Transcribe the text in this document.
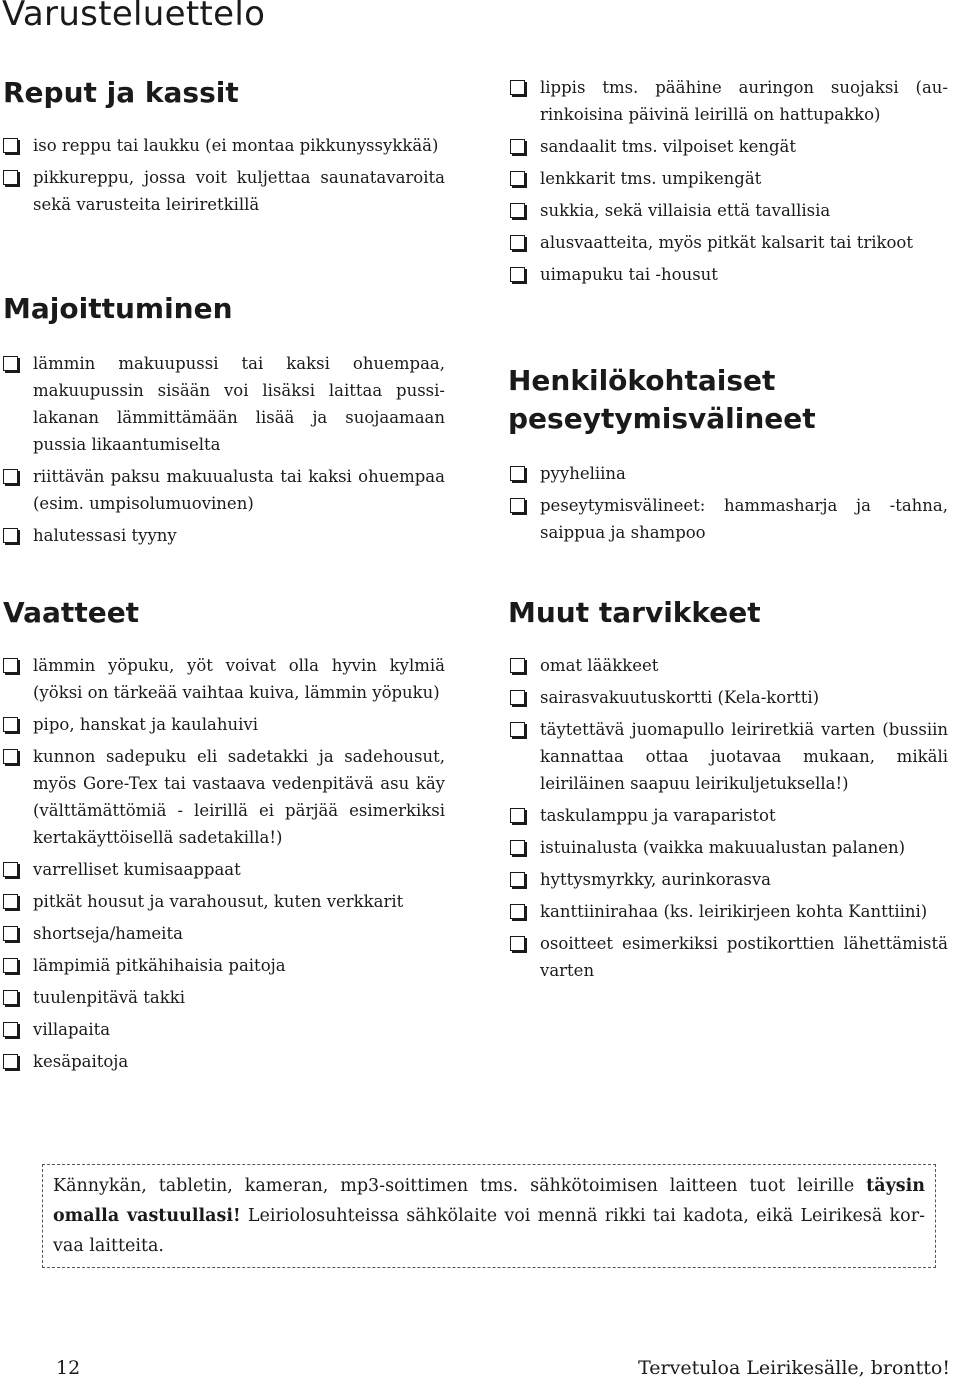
Varusteluettelo
Reput ja kassit
iso reppu tai laukku (ei montaa pikkunyssykkää)
pikkureppu, jossa voit kuljettaa saunatavaroita sekä varusteita leiriretkillä
Majoittuminen
lämmin makuupussi tai kaksi ohuempaa, makuupussin sisään voi lisäksi laittaa pussilakanan lämmittämään lisää ja suojaamaan pussia likaantumiselta
riittävän paksu makuualusta tai kaksi ohuempaa (esim. umpisolumuovinen)
halutessasi tyyny
Vaatteet
lämmin yöpuku, yöt voivat olla hyvin kylmiä (yöksi on tärkeää vaihtaa kuiva, lämmin yöpuku)
pipo, hanskat ja kaulahuivi
kunnon sadepuku eli sadetakki ja sadehousut, myös Gore-Tex tai vastaava vedenpitävä asu käy (välttämättömiä - leirillä ei pärjää esimerkiksi kertakäyttöisellä sadetakilla!)
varrelliset kumisaappaat
pitkät housut ja varahousut, kuten verkkarit
shortseja/hameita
lämpimiä pitkähihaisia paitoja
tuulenpitävä takki
villapaita
kesäpaitoja
lippis tms. päähine auringon suojaksi (aurinkoisina päivinä leirillä on hattupakko)
sandaalit tms. vilpoiset kengät
lenkkarit tms. umpikengät
sukkia, sekä villaisia että tavallisia
alusvaatteita, myös pitkät kalsarit tai trikoot
uimapuku tai -housut
Henkilökohtaiset peseytymisvälineet
pyyheliina
peseytymisvälineet: hammasharja ja -tahna, saippua ja shampoo
Muut tarvikkeet
omat lääkkeet
sairasvakuutuskortti (Kela-kortti)
täytettävä juomapullo leiriretkiä varten (bussiin kannattaa ottaa juotavaa mukaan, mikäli leiriläinen saapuu leirikuljetuksella!)
taskulamppu ja varaparistot
istuinalusta (vaikka makuualustan palanen)
hyttysmyrkky, aurinkorasva
kanttiinirahaa (ks. leirikirjeen kohta Kanttiini)
osoitteet esimerkiksi postikorttien lähettämistä varten
Kännykän, tabletin, kameran, mp3-soittimen tms. sähkötoimisen laitteen tuot leirille täysin omalla vastuullasi! Leiriolosuhteissa sähkölaite voi mennä rikki tai kadota, eikä Leirikesä korvaa laitteita.
12	Tervetuloa Leirikesälle, brontto!
